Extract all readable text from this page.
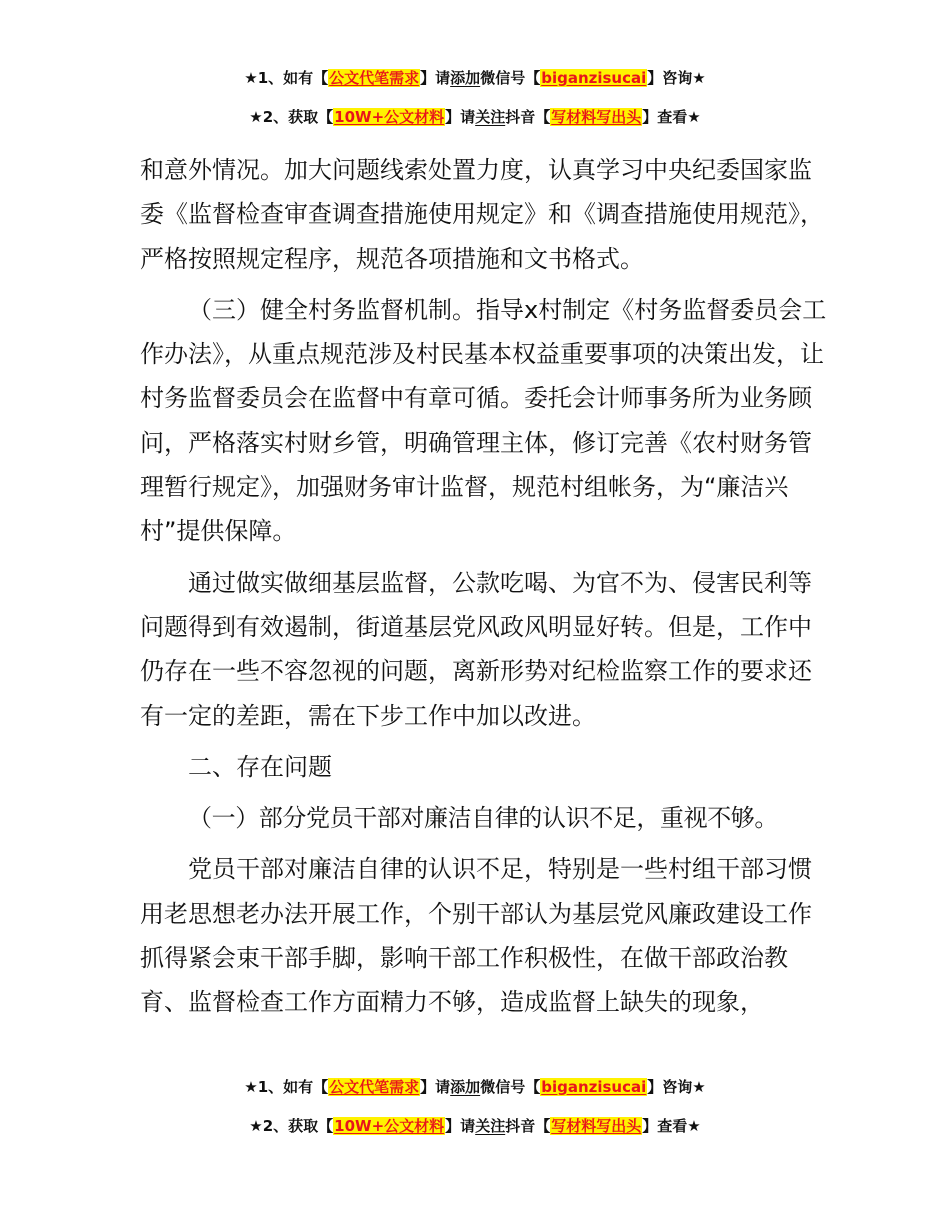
★1、如有【公文代笔需求】请添加微信号【biganzisucai】咨询★
★2、获取【10W+公文材料】请关注抖音【写材料写出头】查看★

和意外情况。加大问题线索处置力度，认真学习中央纪委国家监委《监督检查审查调查措施使用规定》和《调查措施使用规范》，严格按照规定程序，规范各项措施和文书格式。

（三）健全村务监督机制。指导x村制定《村务监督委员会工作办法》，从重点规范涉及村民基本权益重要事项的决策出发，让村务监督委员会在监督中有章可循。委托会计师事务所为业务顾问，严格落实村财乡管，明确管理主体，修订完善《农村财务管理暂行规定》，加强财务审计监督，规范村组帐务，为“廉洁兴村”提供保障。

通过做实做细基层监督，公款吃喝、为官不为、侵害民利等问题得到有效遏制，街道基层党风政风明显好转。但是，工作中仍存在一些不容忽视的问题，离新形势对纪检监察工作的要求还有一定的差距，需在下步工作中加以改进。

二、存在问题

（一）部分党员干部对廉洁自律的认识不足，重视不够。

党员干部对廉洁自律的认识不足，特别是一些村组干部习惯用老思想老办法开展工作，个别干部认为基层党风廉政建设工作抓得紧会束干部手脚，影响干部工作积极性，在做干部政治教育、监督检查工作方面精力不够，造成监督上缺失的现象，

★1、如有【公文代笔需求】请添加微信号【biganzisucai】咨询★
★2、获取【10W+公文材料】请关注抖音【写材料写出头】查看★
